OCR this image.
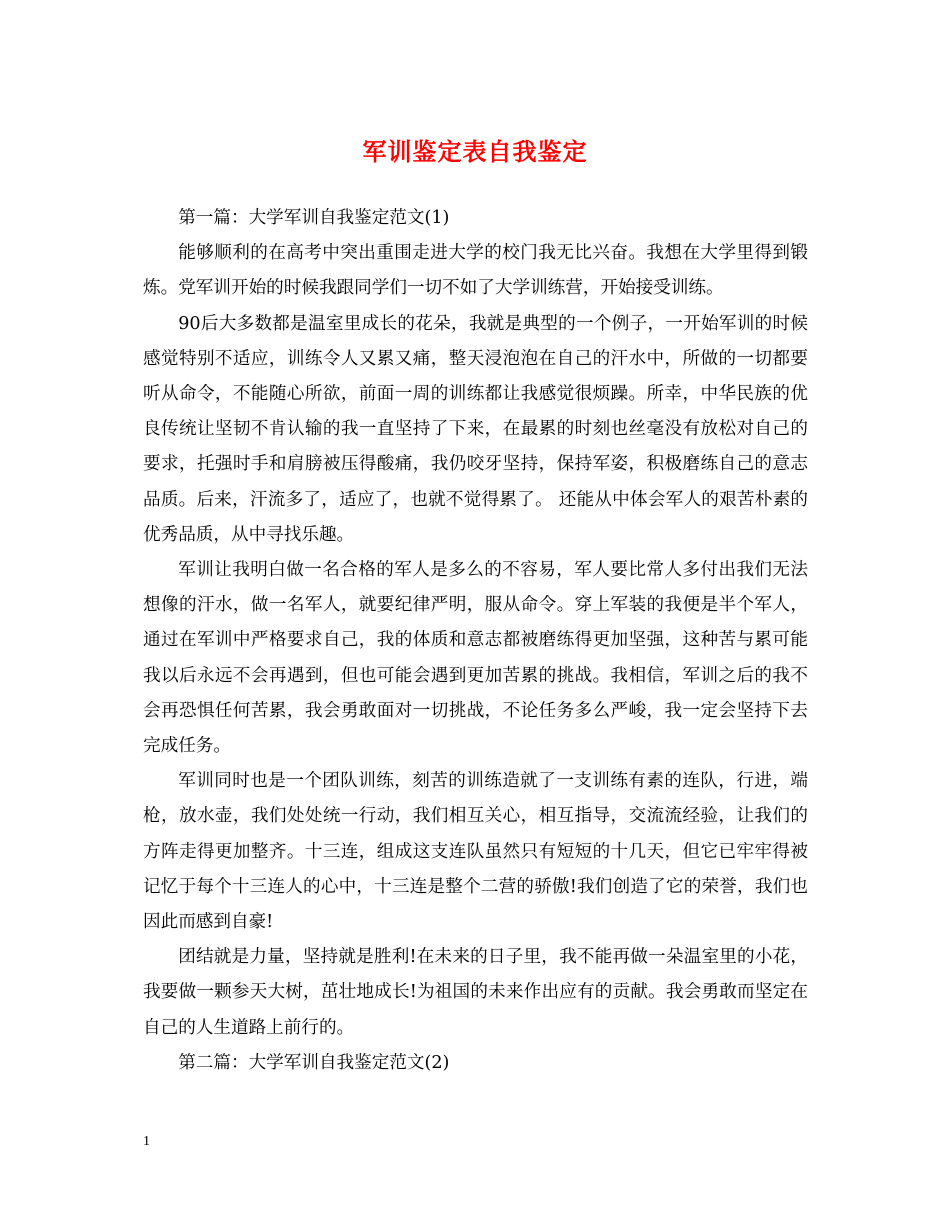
军训鉴定表自我鉴定

第一篇：大学军训自我鉴定范文(1)

能够顺利的在高考中突出重围走进大学的校门我无比兴奋。我想在大学里得到锻炼。党军训开始的时候我跟同学们一切不如了大学训练营，开始接受训练。

90后大多数都是温室里成长的花朵，我就是典型的一个例子，一开始军训的时候感觉特别不适应，训练令人又累又痛，整天浸泡泡在自己的汗水中，所做的一切都要听从命令，不能随心所欲，前面一周的训练都让我感觉很烦躁。所幸，中华民族的优良传统让坚韧不肯认输的我一直坚持了下来，在最累的时刻也丝毫没有放松对自己的要求，托强时手和肩膀被压得酸痛，我仍咬牙坚持，保持军姿，积极磨练自己的意志品质。后来，汗流多了，适应了，也就不觉得累了。 还能从中体会军人的艰苦朴素的优秀品质，从中寻找乐趣。

军训让我明白做一名合格的军人是多么的不容易，军人要比常人多付出我们无法想像的汗水，做一名军人，就要纪律严明，服从命令。穿上军装的我便是半个军人，通过在军训中严格要求自己，我的体质和意志都被磨练得更加坚强，这种苦与累可能我以后永远不会再遇到，但也可能会遇到更加苦累的挑战。我相信，军训之后的我不会再恐惧任何苦累，我会勇敢面对一切挑战，不论任务多么严峻，我一定会坚持下去完成任务。

军训同时也是一个团队训练，刻苦的训练造就了一支训练有素的连队，行进，端枪，放水壶，我们处处统一行动，我们相互关心，相互指导，交流流经验，让我们的方阵走得更加整齐。十三连，组成这支连队虽然只有短短的十几天，但它已牢牢得被记忆于每个十三连人的心中，十三连是整个二营的骄傲!我们创造了它的荣誉，我们也因此而感到自豪!

团结就是力量，坚持就是胜利!在未来的日子里，我不能再做一朵温室里的小花，我要做一颗参天大树，茁壮地成长!为祖国的未来作出应有的贡献。我会勇敢而坚定在自己的人生道路上前行的。

第二篇：大学军训自我鉴定范文(2)

1
